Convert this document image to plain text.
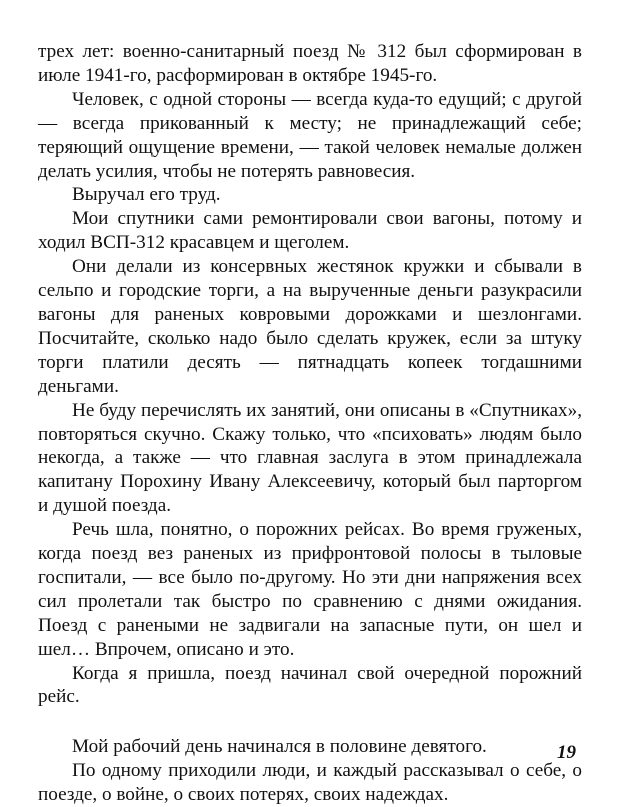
трех лет: военно-санитарный поезд № 312 был сформирован в июле 1941-го, расформирован в октябре 1945-го.

Человек, с одной стороны — всегда куда-то едущий; с другой — всегда прикованный к месту; не принадлежащий себе; теряющий ощущение времени, — такой человек немалые должен делать усилия, чтобы не потерять равновесия.

Выручал его труд.

Мои спутники сами ремонтировали свои вагоны, потому и ходил ВСП-312 красавцем и щеголем.

Они делали из консервных жестянок кружки и сбывали в сельпо и городские торги, а на вырученные деньги разукрасили вагоны для раненых ковровыми дорожками и шезлонгами. Посчитайте, сколько надо было сделать кружек, если за штуку торги платили десять — пятнадцать копеек тогдашними деньгами.

Не буду перечислять их занятий, они описаны в «Спутниках», повторяться скучно. Скажу только, что «психовать» людям было некогда, а также — что главная заслуга в этом принадлежала капитану Порохину Ивану Алексеевичу, который был парторгом и душой поезда.

Речь шла, понятно, о порожних рейсах. Во время груженых, когда поезд вез раненых из прифронтовой полосы в тыловые госпитали, — все было по-другому. Но эти дни напряжения всех сил пролетали так быстро по сравнению с днями ожидания. Поезд с ранеными не задвигали на запасные пути, он шел и шел… Впрочем, описано и это.

Когда я пришла, поезд начинал свой очередной порожний рейс.

Мой рабочий день начинался в половине девятого.

По одному приходили люди, и каждый рассказывал о себе, о поезде, о войне, о своих потерях, своих надеждах.

19
